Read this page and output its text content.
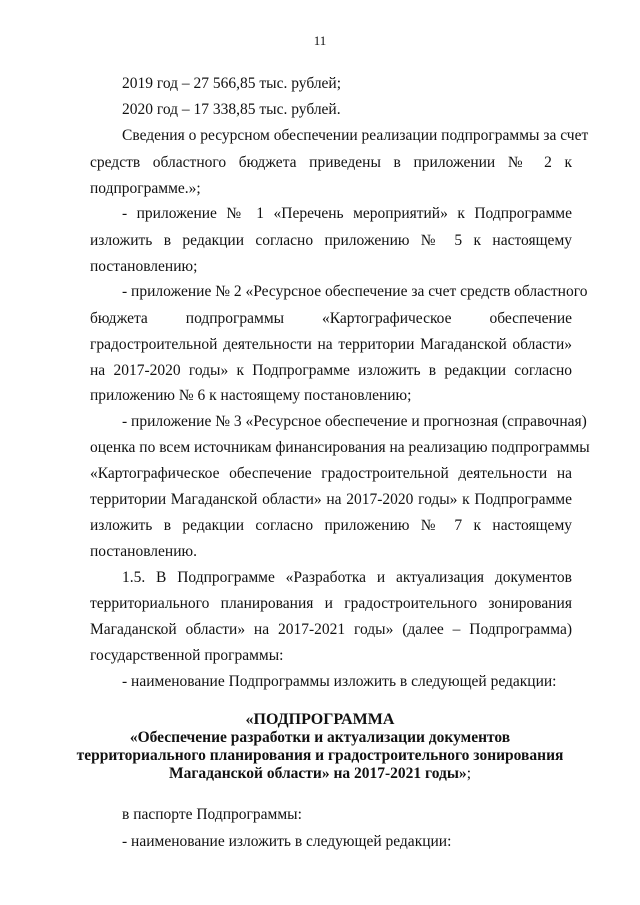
11
2019 год – 27 566,85 тыс. рублей;
2020 год – 17 338,85 тыс. рублей.
Сведения о ресурсном обеспечении реализации подпрограммы за счет
средств областного бюджета приведены в приложении № 2 к
подпрограмме.»;
- приложение № 1 «Перечень мероприятий» к Подпрограмме
изложить в редакции согласно приложению № 5 к настоящему
постановлению;
- приложение № 2 «Ресурсное обеспечение за счет средств областного
бюджета подпрограммы «Картографическое обеспечение
градостроительной деятельности на территории Магаданской области»
на 2017-2020 годы» к Подпрограмме изложить в редакции согласно
приложению № 6 к настоящему постановлению;
- приложение № 3 «Ресурсное обеспечение и прогнозная (справочная)
оценка по всем источникам финансирования на реализацию подпрограммы
«Картографическое обеспечение градостроительной деятельности на
территории Магаданской области» на 2017-2020 годы» к Подпрограмме
изложить в редакции согласно приложению № 7 к настоящему
постановлению.
1.5. В Подпрограмме «Разработка и актуализация документов
территориального планирования и градостроительного зонирования
Магаданской области» на 2017-2021 годы» (далее – Подпрограмма)
государственной программы:
- наименование Подпрограммы изложить в следующей редакции:
«ПОДПРОГРАММА
«Обеспечение разработки и актуализации документов
территориального планирования и градостроительного зонирования
Магаданской области» на 2017-2021 годы»;
в паспорте Подпрограммы:
- наименование изложить в следующей редакции:
